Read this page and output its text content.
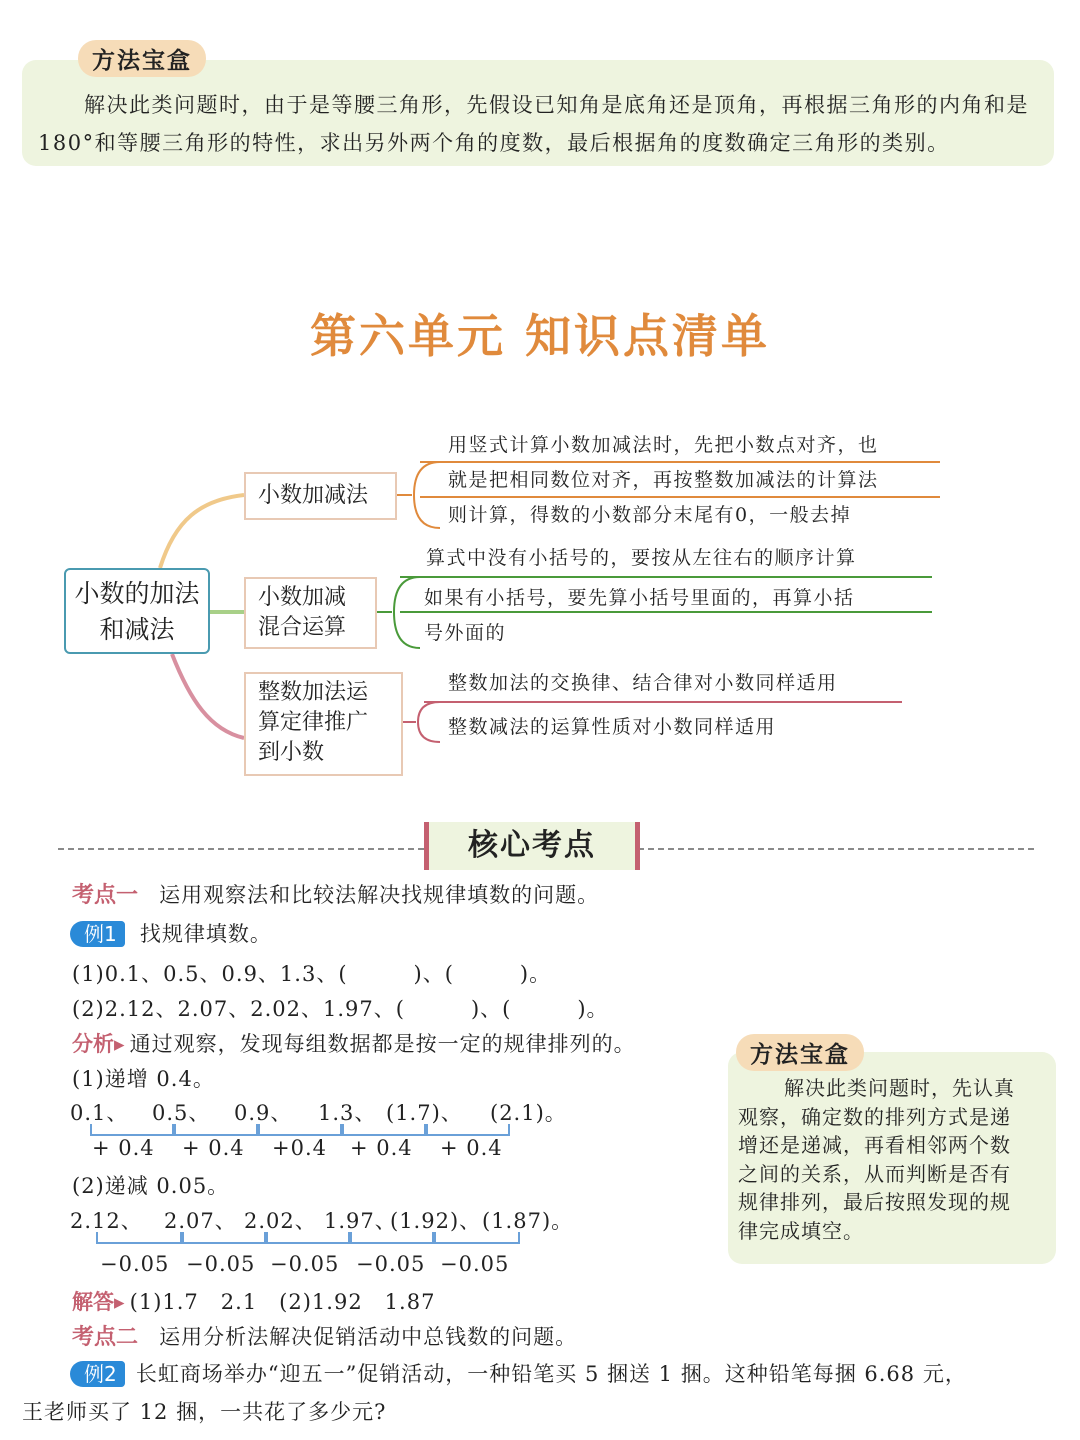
方法宝盒
解决此类问题时，由于是等腰三角形，先假设已知角是底角还是顶角，再根据三角形的内角和是 180°和等腰三角形的特性，求出另外两个角的度数，最后根据角的度数确定三角形的类别。
第六单元 知识点清单
小数的加法和减法
小数加减法
小数加减混合运算
整数加法运算定律推广到小数
用竖式计算小数加减法时，先把小数点对齐，也
就是把相同数位对齐，再按整数加减法的计算法
则计算，得数的小数部分末尾有0，一般去掉
算式中没有小括号的，要按从左往右的顺序计算
如果有小括号，要先算小括号里面的，再算小括
号外面的
整数加法的交换律、结合律对小数同样适用
整数减法的运算性质对小数同样适用
核心考点
考点一 运用观察法和比较法解决找规律填数的问题。
例1 找规律填数。
(1)0.1、0.5、0.9、1.3、(　　　)、(　　　)。
(2)2.12、2.07、2.02、1.97、(　　　)、(　　　)。
分析▸ 通过观察，发现每组数据都是按一定的规律排列的。
(1)递增 0.4。
0.1、 0.5、 0.9、 1.3、 (1.7)、 (2.1)。
+ 0.4 + 0.4 +0.4 + 0.4 + 0.4
(2)递减 0.05。
2.12、 2.07、 2.02、 1.97、
(1.92)、 (1.87)。
−0.05 −0.05 −0.05 −0.05 −0.05
解答▸ (1)1.7　2.1　(2)1.92　1.87
考点二 运用分析法解决促销活动中总钱数的问题。
例2 长虹商场举办“迎五一”促销活动，一种铅笔买 5 捆送 1 捆。这种铅笔每捆 6.68 元，
王老师买了 12 捆，一共花了多少元?
方法宝盒
解决此类问题时，先认真
观察，确定数的排列方式是递
增还是递减，再看相邻两个数
之间的关系，从而判断是否有
规律排列，最后按照发现的规
律完成填空。
